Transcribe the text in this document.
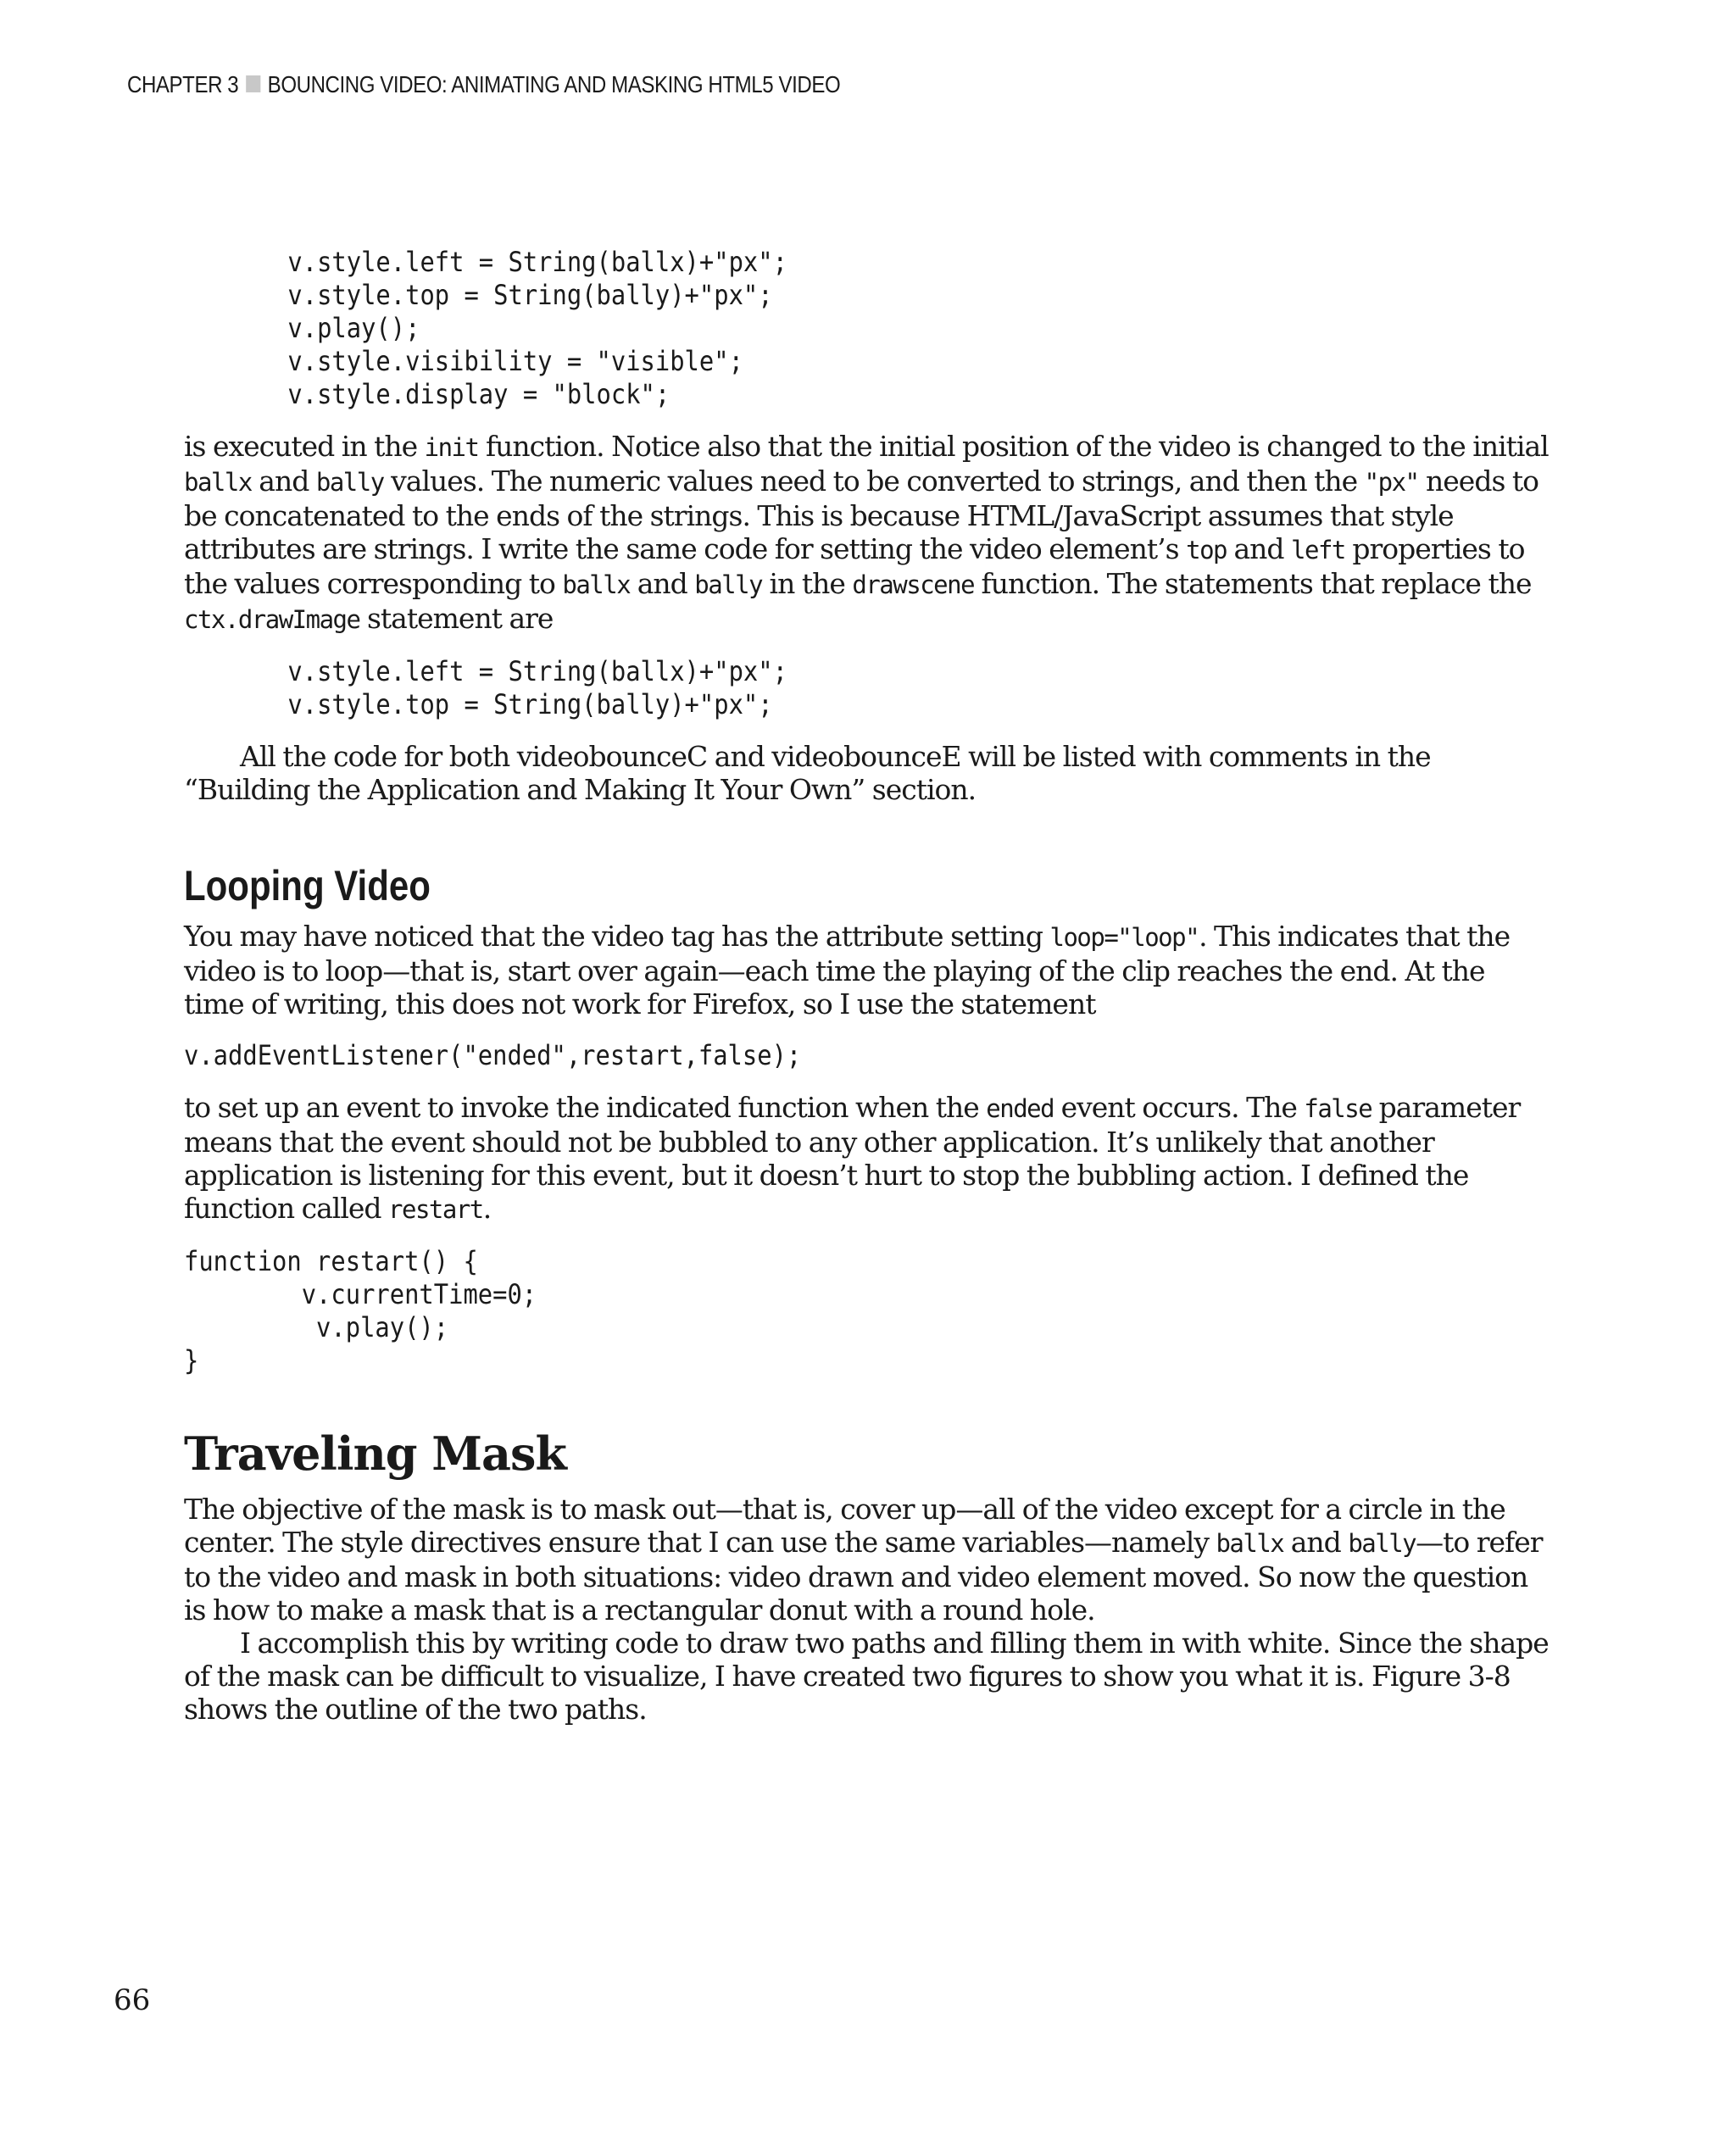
CHAPTER 3 BOUNCING VIDEO: ANIMATING AND MASKING HTML5 VIDEO
v.style.left = String(ballx)+"px";
v.style.top = String(bally)+"px";
v.play();
v.style.visibility = "visible";
v.style.display = "block";

is executed in the init function. Notice also that the initial position of the video is changed to the initial ballx and bally values. The numeric values need to be converted to strings, and then the "px" needs to be concatenated to the ends of the strings. This is because HTML/JavaScript assumes that style attributes are strings. I write the same code for setting the video element’s top and left properties to the values corresponding to ballx and bally in the drawscene function. The statements that replace the ctx.drawImage statement are

v.style.left = String(ballx)+"px";
v.style.top = String(bally)+"px";

All the code for both videobounceC and videobounceE will be listed with comments in the “Building the Application and Making It Your Own” section.

Looping Video

You may have noticed that the video tag has the attribute setting loop="loop". This indicates that the video is to loop—that is, start over again—each time the playing of the clip reaches the end. At the time of writing, this does not work for Firefox, so I use the statement

v.addEventListener("ended",restart,false);

to set up an event to invoke the indicated function when the ended event occurs. The false parameter means that the event should not be bubbled to any other application. It’s unlikely that another application is listening for this event, but it doesn’t hurt to stop the bubbling action. I defined the function called restart.

function restart() {
v.currentTime=0;
v.play();
}
Traveling Mask

The objective of the mask is to mask out—that is, cover up—all of the video except for a circle in the center. The style directives ensure that I can use the same variables—namely ballx and bally—to refer to the video and mask in both situations: video drawn and video element moved. So now the question is how to make a mask that is a rectangular donut with a round hole.

I accomplish this by writing code to draw two paths and filling them in with white. Since the shape of the mask can be difficult to visualize, I have created two figures to show you what it is. Figure 3-8 shows the outline of the two paths.

66
